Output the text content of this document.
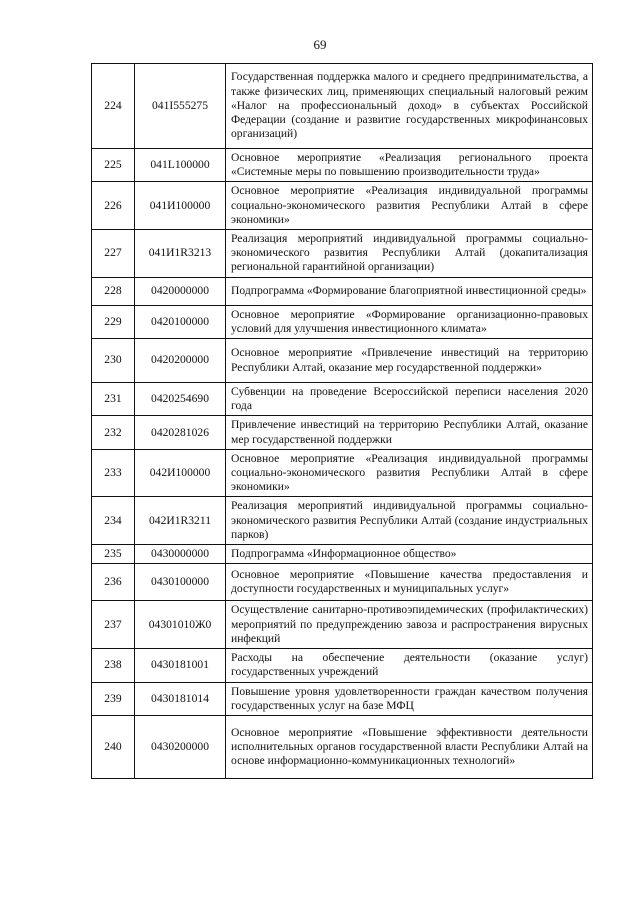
69
224	041I555275	Государственная поддержка малого и среднего предпринимательства, а также физических лиц, применяющих специальный налоговый режим «Налог на профессиональный доход» в субъектах Российской Федерации (создание и развитие государственных микрофинансовых организаций)
225	041L100000	Основное мероприятие «Реализация регионального проекта «Системные меры по повышению производительности труда»
226	041И100000	Основное мероприятие «Реализация индивидуальной программы социально-экономического развития Республики Алтай в сфере экономики»
227	041И1R3213	Реализация мероприятий индивидуальной программы социально-экономического развития Республики Алтай (докапитализация региональной гарантийной организации)
228	0420000000	Подпрограмма «Формирование благоприятной инвестиционной среды»
229	0420100000	Основное мероприятие «Формирование организационно-правовых условий для улучшения инвестиционного климата»
230	0420200000	Основное мероприятие «Привлечение инвестиций на территорию Республики Алтай, оказание мер государственной поддержки»
231	0420254690	Субвенции на проведение Всероссийской переписи населения 2020 года
232	0420281026	Привлечение инвестиций на территорию Республики Алтай, оказание мер государственной поддержки
233	042И100000	Основное мероприятие «Реализация индивидуальной программы социально-экономического развития Республики Алтай в сфере экономики»
234	042И1R3211	Реализация мероприятий индивидуальной программы социально-экономического развития Республики Алтай (создание индустриальных парков)
235	0430000000	Подпрограмма «Информационное общество»
236	0430100000	Основное мероприятие «Повышение качества предоставления и доступности государственных и муниципальных услуг»
237	04301010Ж0	Осуществление санитарно-противоэпидемических (профилактических) мероприятий по предупреждению завоза и распространения вирусных инфекций
238	0430181001	Расходы на обеспечение деятельности (оказание услуг) государственных учреждений
239	0430181014	Повышение уровня удовлетворенности граждан качеством получения государственных услуг на базе МФЦ
240	0430200000	Основное мероприятие «Повышение эффективности деятельности исполнительных органов государственной власти Республики Алтай на основе информационно-коммуникационных технологий»
